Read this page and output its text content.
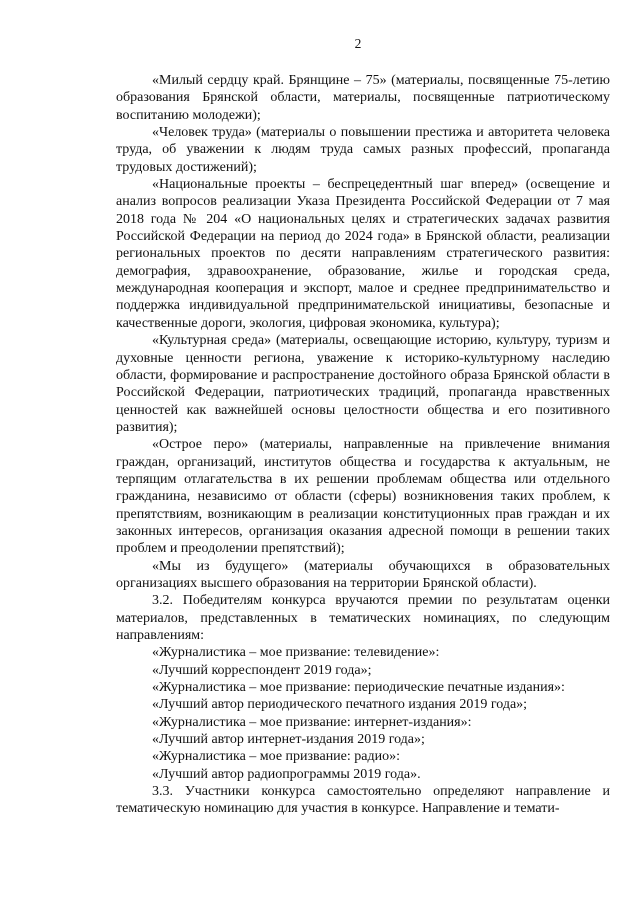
2

«Милый сердцу край. Брянщине – 75» (материалы, посвященные 75-летию образования Брянской области, материалы, посвященные патриотическому воспитанию молодежи);

«Человек труда» (материалы о повышении престижа и авторитета человека труда, об уважении к людям труда самых разных профессий, пропаганда трудовых достижений);

«Национальные проекты – беспрецедентный шаг вперед» (освещение и анализ вопросов реализации Указа Президента Российской Федерации от 7 мая 2018 года № 204 «О национальных целях и стратегических задачах развития Российской Федерации на период до 2024 года» в Брянской области, реализации региональных проектов по десяти направлениям стратегического развития: демография, здравоохранение, образование, жилье и городская среда, международная кооперация и экспорт, малое и среднее предпринимательство и поддержка индивидуальной предпринимательской инициативы, безопасные и качественные дороги, экология, цифровая экономика, культура);

«Культурная среда» (материалы, освещающие историю, культуру, туризм и духовные ценности региона, уважение к историко-культурному наследию области, формирование и распространение достойного образа Брянской области в Российской Федерации, патриотических традиций, пропаганда нравственных ценностей как важнейшей основы целостности общества и его позитивного развития);

«Острое перо» (материалы, направленные на привлечение внимания граждан, организаций, институтов общества и государства к актуальным, не терпящим отлагательства в их решении проблемам общества или отдельного гражданина, независимо от области (сферы) возникновения таких проблем, к препятствиям, возникающим в реализации конституционных прав граждан и их законных интересов, организация оказания адресной помощи в решении таких проблем и преодолении препятствий);

«Мы из будущего» (материалы обучающихся в образовательных организациях высшего образования на территории Брянской области).

3.2. Победителям конкурса вручаются премии по результатам оценки материалов, представленных в тематических номинациях, по следующим направлениям:

«Журналистика – мое призвание: телевидение»:

«Лучший корреспондент 2019 года»;

«Журналистика – мое призвание: периодические печатные издания»:

«Лучший автор периодического печатного издания 2019 года»;

«Журналистика – мое призвание: интернет-издания»:

«Лучший автор интернет-издания 2019 года»;

«Журналистика – мое призвание: радио»:

«Лучший автор радиопрограммы 2019 года».

3.3. Участники конкурса самостоятельно определяют направление и тематическую номинацию для участия в конкурсе. Направление и темати-
